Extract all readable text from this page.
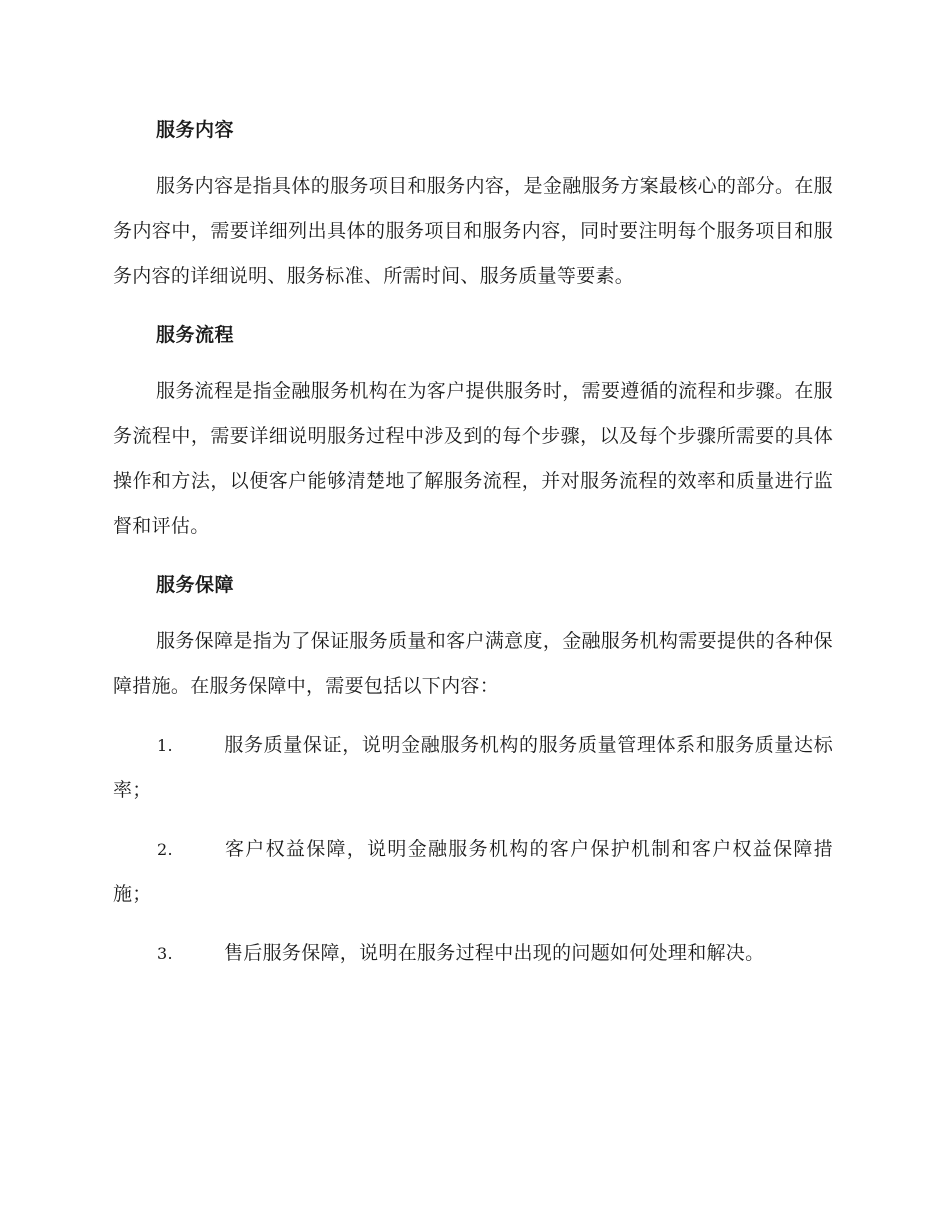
服务内容

服务内容是指具体的服务项目和服务内容，是金融服务方案最核心的部分。在服务内容中，需要详细列出具体的服务项目和服务内容，同时要注明每个服务项目和服务内容的详细说明、服务标准、所需时间、服务质量等要素。

服务流程

服务流程是指金融服务机构在为客户提供服务时，需要遵循的流程和步骤。在服务流程中，需要详细说明服务过程中涉及到的每个步骤，以及每个步骤所需要的具体操作和方法，以便客户能够清楚地了解服务流程，并对服务流程的效率和质量进行监督和评估。

服务保障

服务保障是指为了保证服务质量和客户满意度，金融服务机构需要提供的各种保障措施。在服务保障中，需要包括以下内容：

1.	服务质量保证，说明金融服务机构的服务质量管理体系和服务质量达标率；

2.	客户权益保障，说明金融服务机构的客户保护机制和客户权益保障措施；

3.	售后服务保障，说明在服务过程中出现的问题如何处理和解决。
